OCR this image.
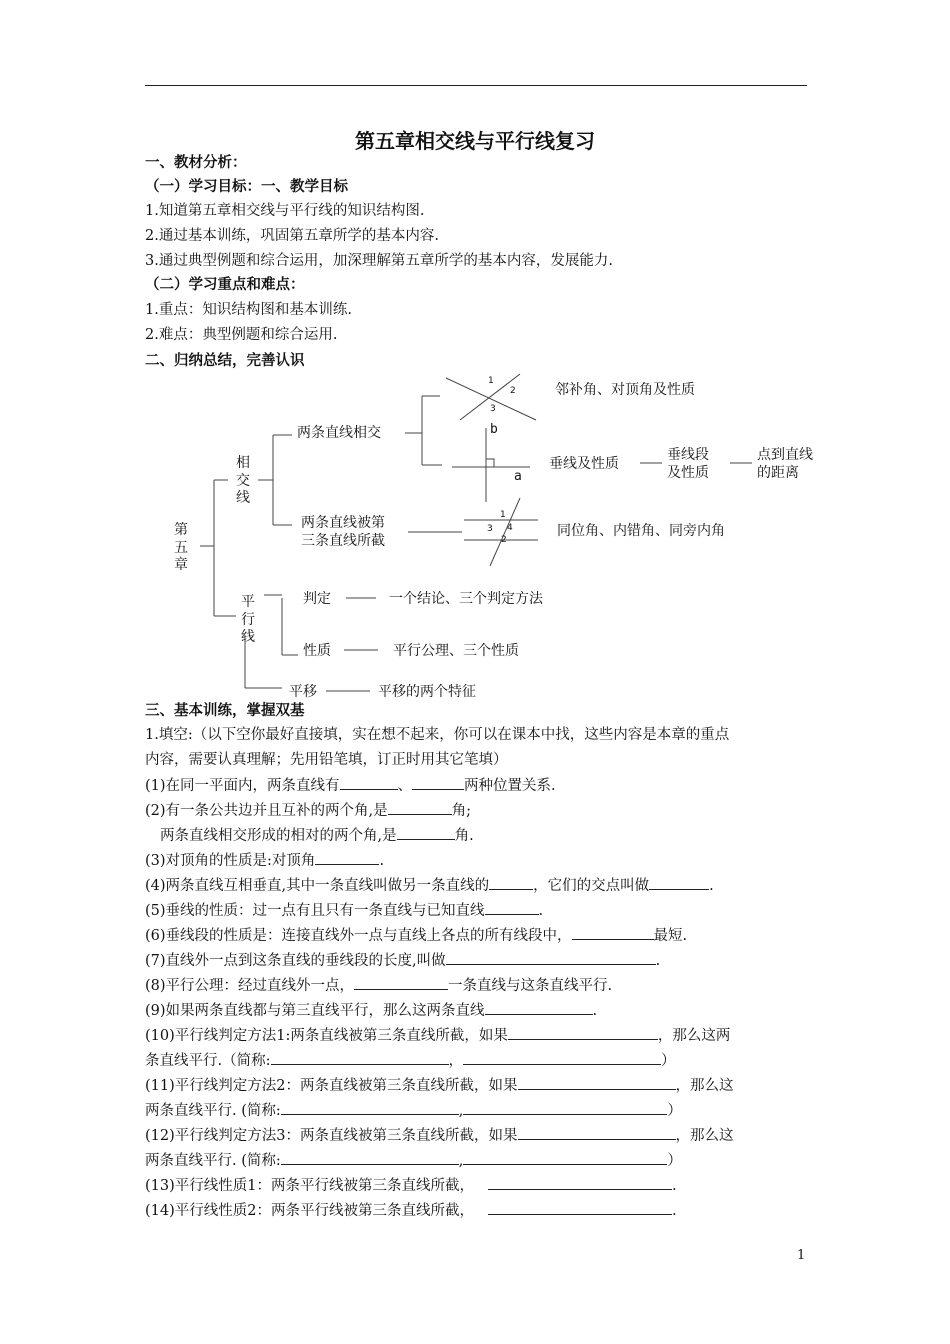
第五章相交线与平行线复习
一、教材分析：
（一）学习目标：一、教学目标
1.知道第五章相交线与平行线的知识结构图.
2.通过基本训练，巩固第五章所学的基本内容.
3.通过典型例题和综合运用，加深理解第五章所学的基本内容，发展能力.
（二）学习重点和难点：
1.重点：知识结构图和基本训练.
2.难点：典型例题和综合运用.
二、归纳总结，完善认识
1
2
3
1
3 4
2
b
a
第
五
章
相
交
线
平
行
线
两条直线相交
邻补角、对顶角及性质
垂线及性质
垂线段
及性质
点到直线
的距离
两条直线被第
三条直线所截
同位角、内错角、同旁内角
判定	一个结论、三个判定方法
性质	平行公理、三个性质
平移	平移的两个特征
三、基本训练，掌握双基
1.填空:（以下空你最好直接填，实在想不起来，你可以在课本中找，这些内容是本章的重点
内容，需要认真理解；先用铅笔填，订正时用其它笔填）
(1)在同一平面内，两条直线有	、	两种位置关系.
(2)有一条公共边并且互补的两个角,是	角;
两条直线相交形成的相对的两个角,是	角.
(3)对顶角的性质是:对顶角	.
(4)两条直线互相垂直,其中一条直线叫做另一条直线的	，它们的交点叫做	.
(5)垂线的性质：过一点有且只有一条直线与已知直线	.
(6)垂线段的性质是：连接直线外一点与直线上各点的所有线段中，	最短.
(7)直线外一点到这条直线的垂线段的长度,叫做	.
(8)平行公理：经过直线外一点，	一条直线与这条直线平行.
(9)如果两条直线都与第三直线平行，那么这两条直线	.
(10)平行线判定方法1:两条直线被第三条直线所截，如果	，那么这两
条直线平行.（简称:	，	）
(11)平行线判定方法2：两条直线被第三条直线所截，如果	，那么这
两条直线平行. (简称:	,	）
(12)平行线判定方法3：两条直线被第三条直线所截，如果	，那么这
两条直线平行. (简称:	,	）
(13)平行线性质1：两条平行线被第三条直线所截，	.
(14)平行线性质2：两条平行线被第三条直线所截，	.
1
